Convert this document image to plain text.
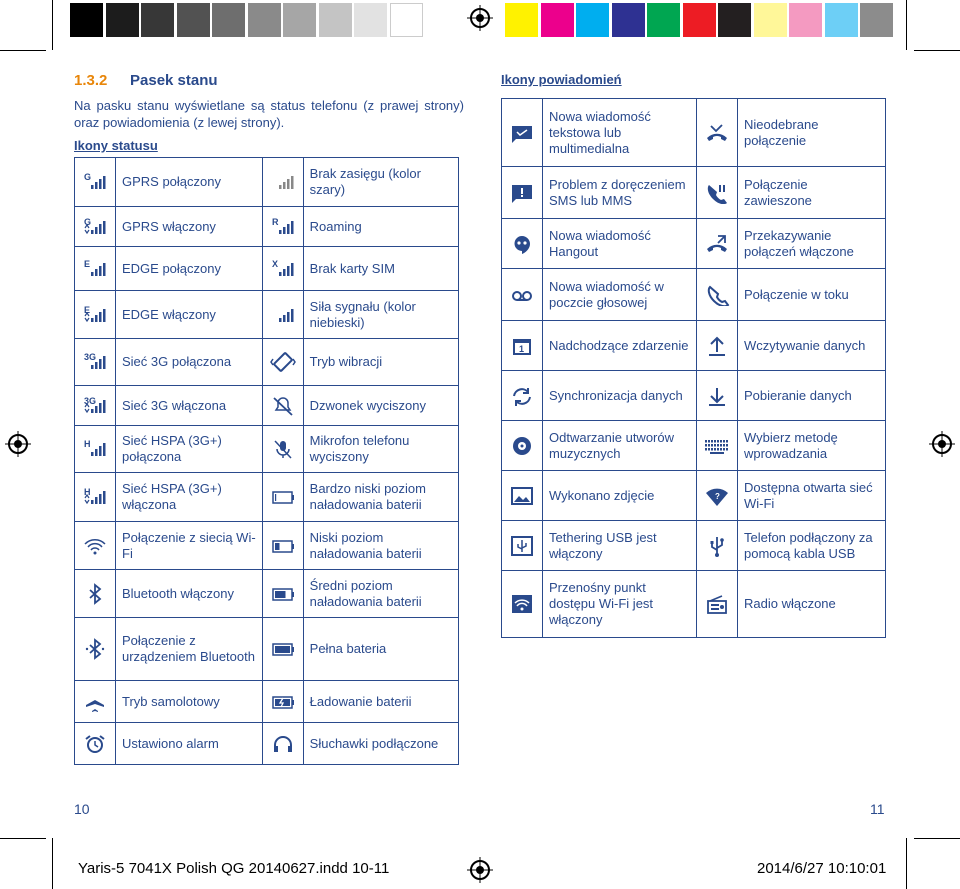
1.3.2 Pasek stanu
Na pasku stanu wyświetlane są status telefonu (z prawej strony) oraz powiadomienia (z lewej strony).
Ikony statusu
Ikony powiadomień
G	GPRS połączony		Brak zasięgu (kolor szary)

G	GPRS włączony	R	Roaming

E	EDGE połączony	X	Brak karty SIM

E	EDGE włączony		Siła sygnału (kolor niebieski)

3G	Sieć 3G połączona		Tryb wibracji

3G	Sieć 3G włączona		Dzwonek wyciszony

H	Sieć HSPA (3G+) połączona		Mikrofon telefonu wyciszony

H	Sieć HSPA (3G+) włączona		Bardzo niski poziom naładowania baterii

	Połączenie z siecią Wi-Fi		Niski poziom naładowania baterii

	Bluetooth włączony		Średni poziom naładowania baterii

	Połączenie z urządzeniem Bluetooth		Pełna bateria

	Tryb samolotowy		Ładowanie baterii

	Ustawiono alarm		Słuchawki podłączone
	Nowa wiadomość tekstowa lub multimedialna		Nieodebrane połączenie

	Problem z doręczeniem SMS lub MMS		Połączenie zawieszone

	Nowa wiadomość Hangout		Przekazywanie połączeń włączone

	Nowa wiadomość w poczcie głosowej		Połączenie w toku

1	Nadchodzące zdarzenie		Wczytywanie danych

	Synchronizacja danych		Pobieranie danych

	Odtwarzanie utworów muzycznych		Wybierz metodę wprowadzania

	Wykonano zdjęcie	?	Dostępna otwarta sieć Wi-Fi

	Tethering USB jest włączony		Telefon podłączony za pomocą kabla USB

	Przenośny punkt dostępu Wi-Fi jest włączony		Radio włączone
10	11
Yaris-5 7041X Polish QG 20140627.indd 10-11	2014/6/27 10:10:01
